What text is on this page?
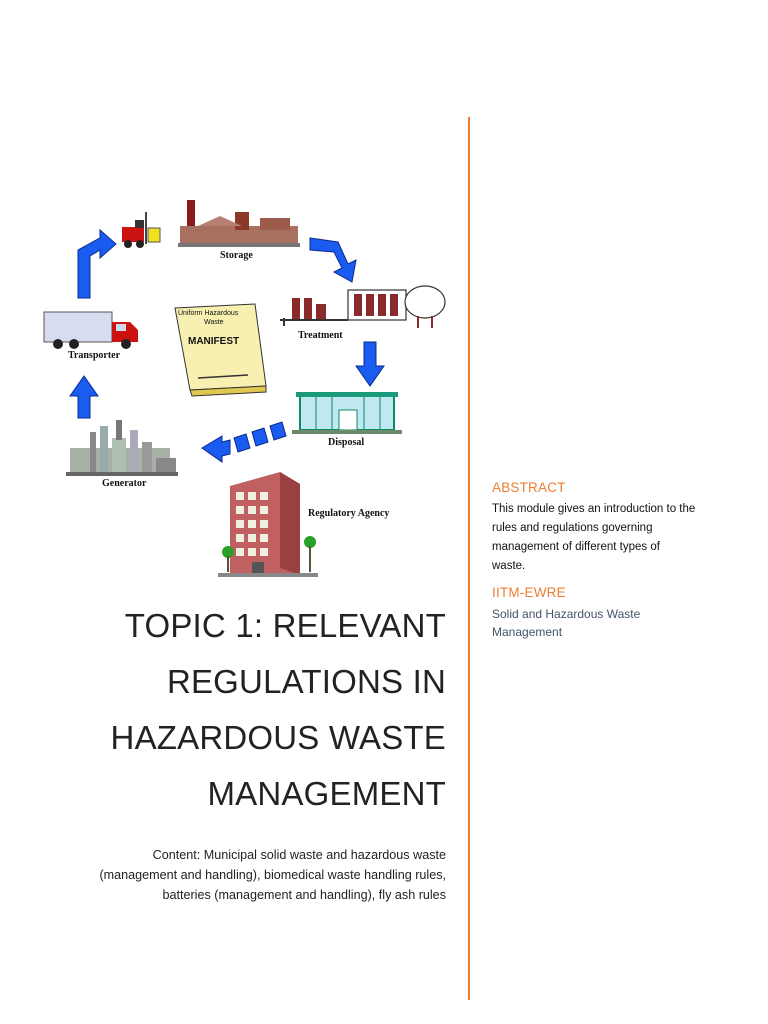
Storage
Treatment
Disposal
Generator
Transporter
Regulatory Agency
Uniform Hazardous
Waste
MANIFEST
TOPIC 1: RELEVANT
REGULATIONS IN
HAZARDOUS WASTE
MANAGEMENT
Content: Municipal solid waste and hazardous waste
(management and handling), biomedical waste handling rules,
batteries (management and handling), fly ash rules
ABSTRACT
This module gives an introduction to the
rules and regulations governing
management of different types of
waste.
IITM-EWRE
Solid and Hazardous Waste
Management
